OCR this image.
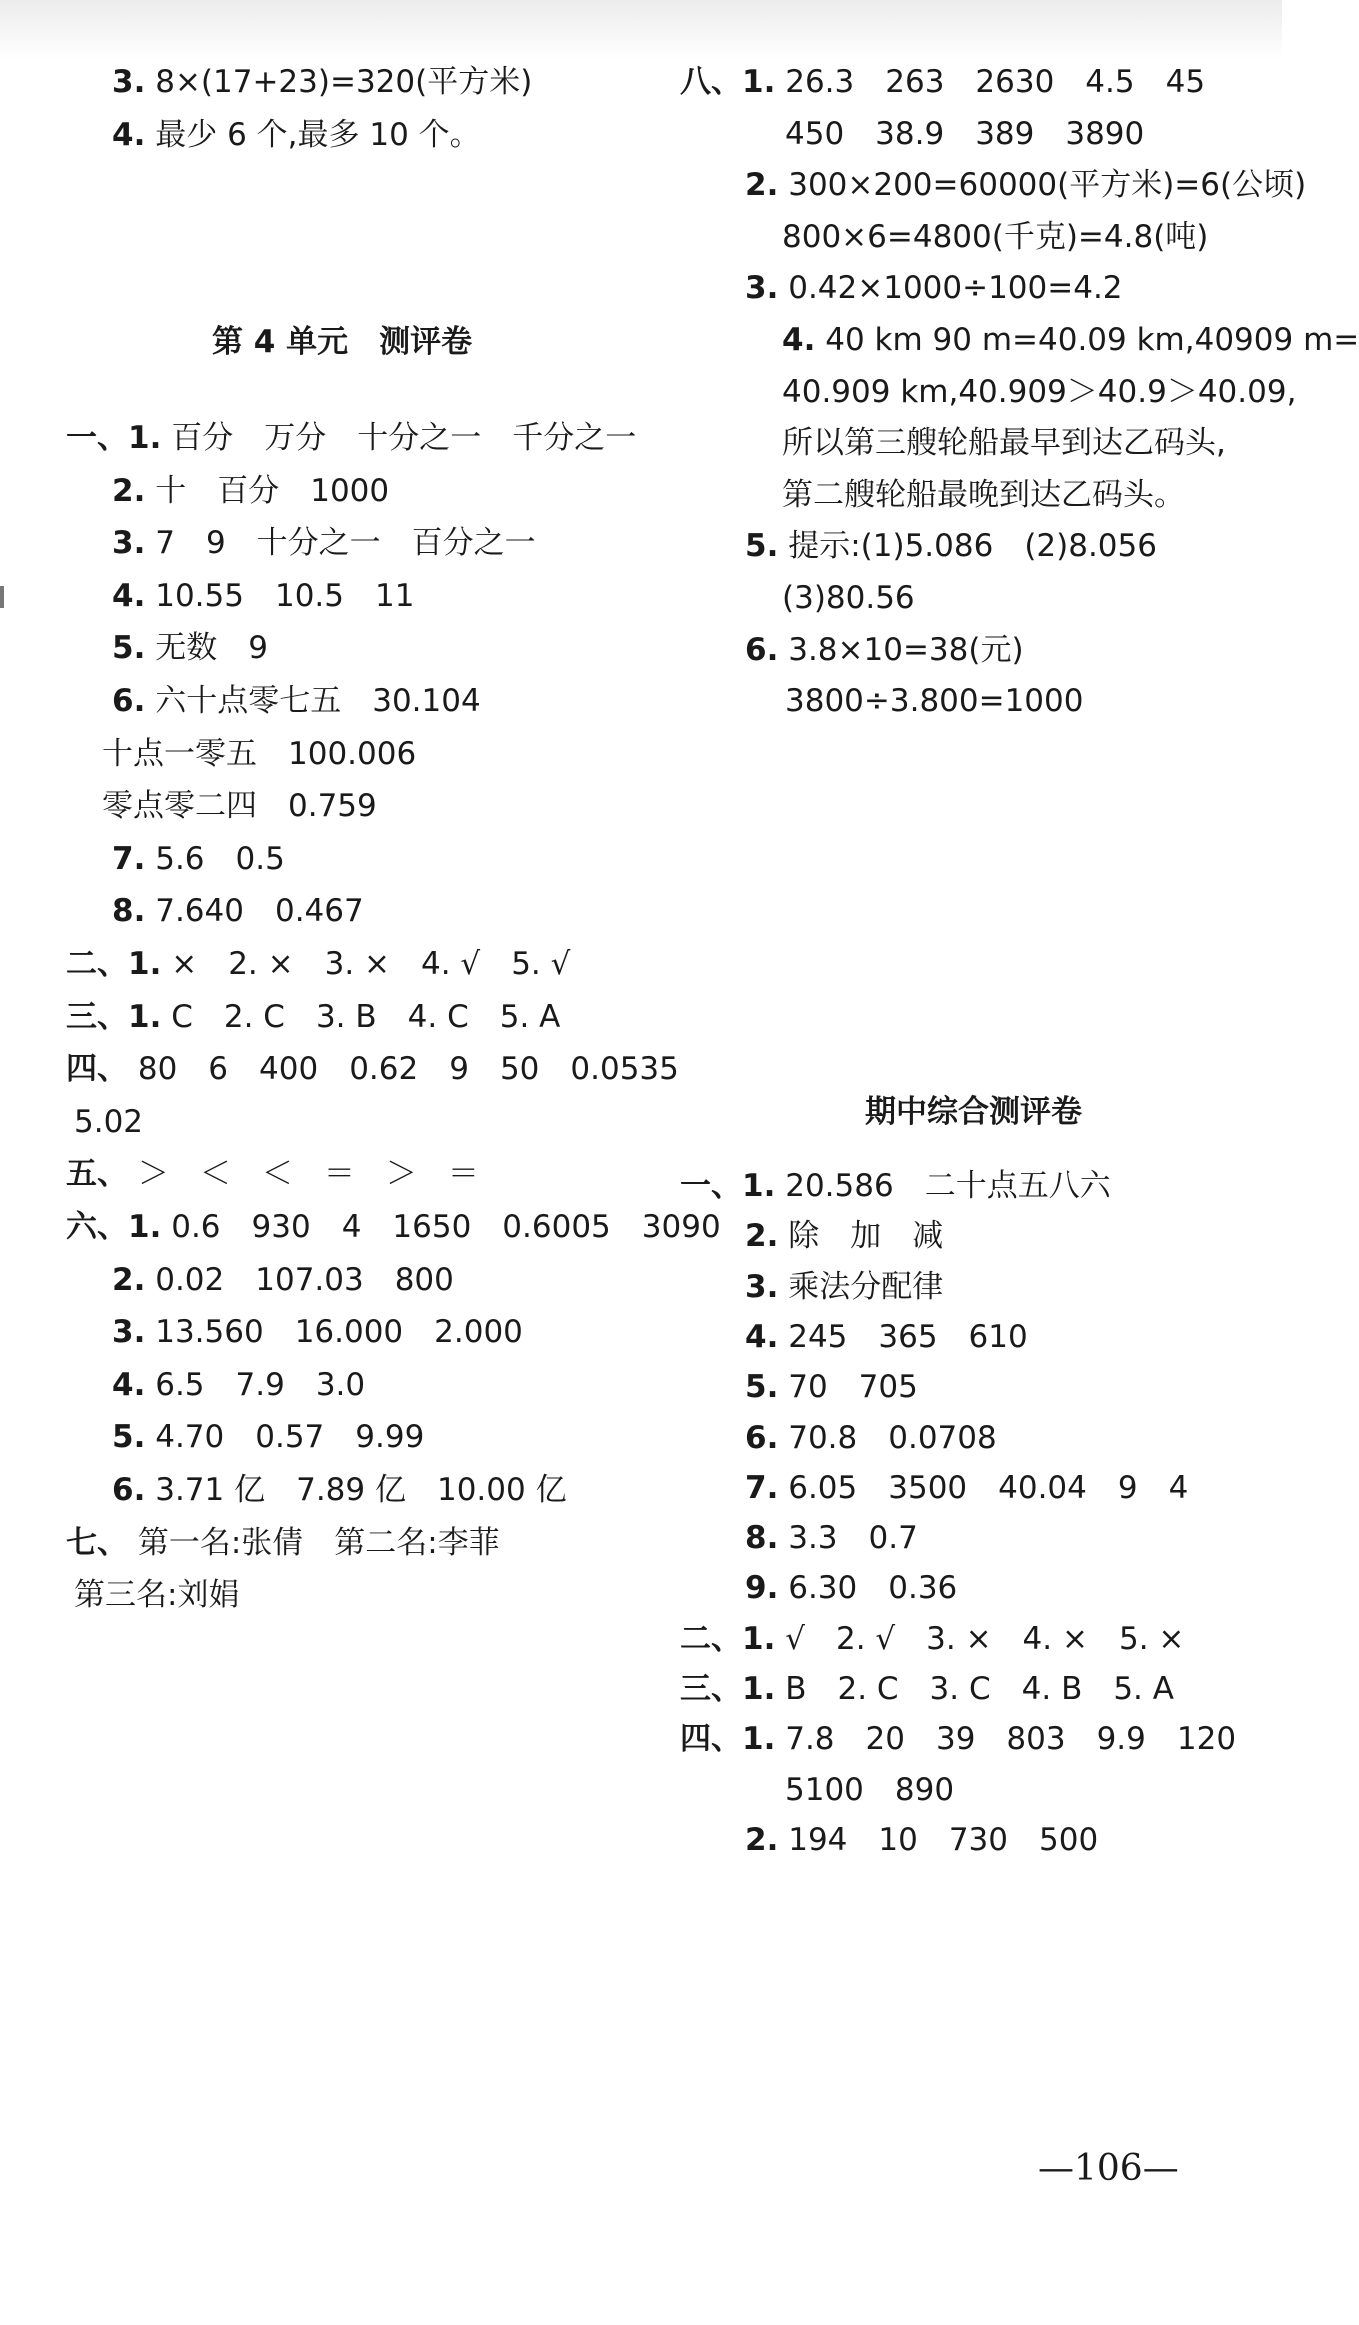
3. 8×(17+23)=320(平方米)
4. 最少 6 个,最多 10 个。
第 4 单元　测评卷
一、1. 百分　万分　十分之一　千分之一
2. 十　百分　1000
3. 7　9　十分之一　百分之一
4. 10.55　10.5　11
5. 无数　9
6. 六十点零七五　30.104
十点一零五　100.006
零点零二四　0.759
7. 5.6　0.5
8. 7.640　0.467
二、1. ×　2. ×　3. ×　4. √　5. √
三、1. C　2. C　3. B　4. C　5. A
四、 80　6　400　0.62　9　50　0.0535
5.02
五、 ＞　＜　＜　＝　＞　＝
六、1. 0.6　930　4　1650　0.6005　3090
2. 0.02　107.03　800
3. 13.560　16.000　2.000
4. 6.5　7.9　3.0
5. 4.70　0.57　9.99
6. 3.71 亿　7.89 亿　10.00 亿
七、 第一名:张倩　第二名:李菲
第三名:刘娟
八、1. 26.3　263　2630　4.5　45
450　38.9　389　3890
2. 300×200=60000(平方米)=6(公顷)
800×6=4800(千克)=4.8(吨)
3. 0.42×1000÷100=4.2
4. 40 km 90 m=40.09 km,40909 m=
40.909 km,40.909＞40.9＞40.09,
所以第三艘轮船最早到达乙码头,
第二艘轮船最晚到达乙码头。
5. 提示:(1)5.086　(2)8.056
(3)80.56
6. 3.8×10=38(元)
3800÷3.800=1000
期中综合测评卷
一、1. 20.586　二十点五八六
2. 除　加　减
3. 乘法分配律
4. 245　365　610
5. 70　705
6. 70.8　0.0708
7. 6.05　3500　40.04　9　4
8. 3.3　0.7
9. 6.30　0.36
二、1. √　2. √　3. ×　4. ×　5. ×
三、1. B　2. C　3. C　4. B　5. A
四、1. 7.8　20　39　803　9.9　120
5100　890
2. 194　10　730　500
—106—
